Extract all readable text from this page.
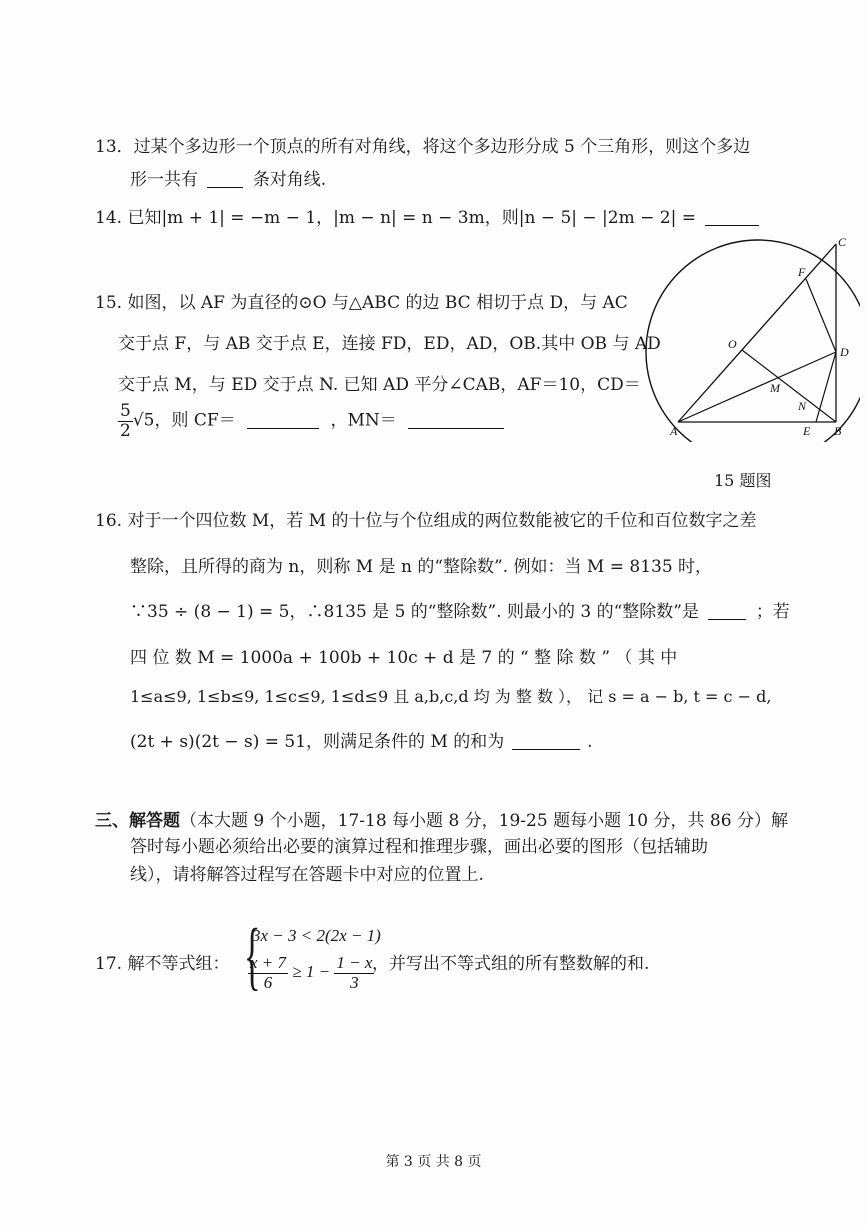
13．过某个多边形一个顶点的所有对角线，将这个多边形分成 5 个三角形，则这个多边
形一共有	条对角线.
14. 已知|m + 1| = −m − 1，|m − n| = n − 3m，则|n − 5| − |2m − 2| =
15. 如图，以 AF 为直径的⊙O 与△ABC 的边 BC 相切于点 D，与 AC
交于点 F，与 AB 交于点 E，连接 FD，ED，AD，OB.其中 OB 与 AD
交于点 M，与 ED 交于点 N. 已知 AD 平分∠CAB，AF＝10，CD＝
$\frac{5}{2} √5$，则 CF＝	，MN＝
C
F
O
D
M
N
A	E B
15 题图
16. 对于一个四位数 M，若 M 的十位与个位组成的两位数能被它的千位和百位数字之差
整除，且所得的商为 n，则称 M 是 n 的“整除数”. 例如：当 M = 8135 时，
∵35 ÷ (8 − 1) = 5，∴8135 是 5 的“整除数”. 则最小的 3 的“整除数”是	；若
四 位 数 M = 1000a + 100b + 10c + d 是 7 的 “ 整 除 数 ” （ 其 中
1≤a≤9, 1≤b≤9, 1≤c≤9, 1≤d≤9 且 a,b,c,d 均 为 整 数 ）， 记 s = a − b, t = c − d,
(2t + s)(2t − s) = 51，则满足条件的 M 的和为	.
三、解答题（本大题 9 个小题，17-18 每小题 8 分，19-25 题每小题 10 分，共 86 分）解
答时每小题必须给出必要的演算过程和推理步骤，画出必要的图形（包括辅助
线），请将解答过程写在答题卡中对应的位置上.
17. 解不等式组： {
3x − 3 < 2(2x − 1)
$\frac{x + 7}{6} \ge 1 - \frac{1 - x}{3}$
，并写出不等式组的所有整数解的和.
第 3 页 共 8 页
